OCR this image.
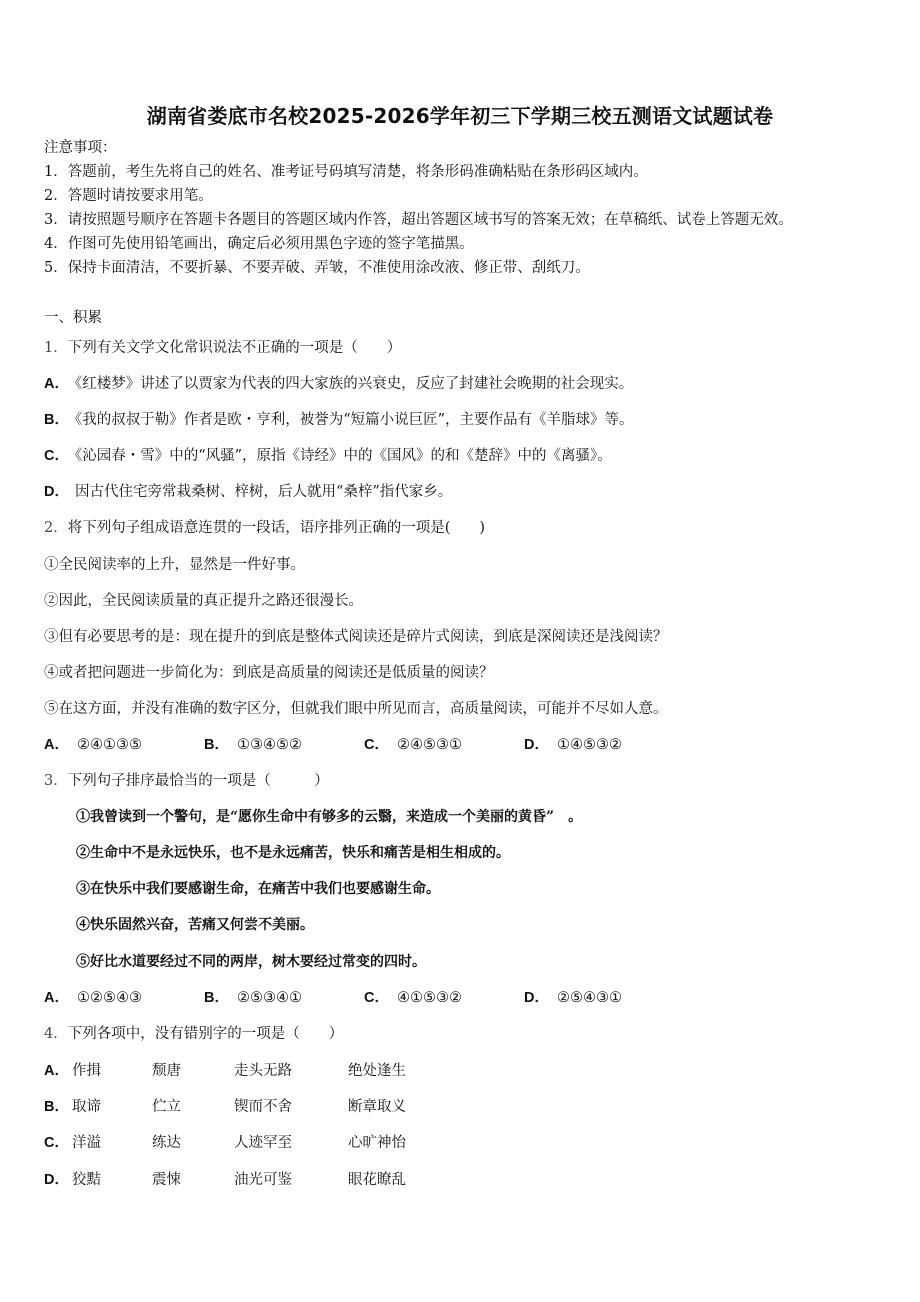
湖南省娄底市名校2025-2026学年初三下学期三校五测语文试题试卷
注意事项：
1．答题前，考生先将自己的姓名、准考证号码填写清楚，将条形码准确粘贴在条形码区域内。
2．答题时请按要求用笔。
3．请按照题号顺序在答题卡各题目的答题区域内作答，超出答题区域书写的答案无效；在草稿纸、试卷上答题无效。
4．作图可先使用铅笔画出，确定后必须用黑色字迹的签字笔描黑。
5．保持卡面清洁，不要折暴、不要弄破、弄皱，不准使用涂改液、修正带、刮纸刀。
一、积累
1．下列有关文学文化常识说法不正确的一项是（　　）
A． 《红楼梦》讲述了以贾家为代表的四大家族的兴衰史，反应了封建社会晚期的社会现实。
B． 《我的叔叔于勒》作者是欧・亨利，被誉为“短篇小说巨匠”，主要作品有《羊脂球》等。
C． 《沁园春・雪》中的“风骚”，原指《诗经》中的《国风》的和《楚辞》中的《离骚》。
D． 因古代住宅旁常栽桑树、梓树，后人就用“桑梓”指代家乡。
2．将下列句子组成语意连贯的一段话，语序排列正确的一项是(　　)
①全民阅读率的上升，显然是一件好事。
②因此，全民阅读质量的真正提升之路还很漫长。
③但有必要思考的是：现在提升的到底是整体式阅读还是碎片式阅读，到底是深阅读还是浅阅读？
④或者把问题进一步简化为：到底是高质量的阅读还是低质量的阅读？
⑤在这方面，并没有准确的数字区分，但就我们眼中所见而言，高质量阅读，可能并不尽如人意。
A． ②④①③⑤	B． ①③④⑤②	C． ②④⑤③①	D． ①④⑤③②
3．下列句子排序最恰当的一项是（　　　）
①我曾读到一个警句，是“愿你生命中有够多的云翳，来造成一个美丽的黄昏”　。
②生命中不是永远快乐，也不是永远痛苦，快乐和痛苦是相生相成的。
③在快乐中我们要感谢生命，在痛苦中我们也要感谢生命。
④快乐固然兴奋，苦痛又何尝不美丽。
⑤好比水道要经过不同的两岸，树木要经过常变的四时。
A． ①②⑤④③	B． ②⑤③④①	C． ④①⑤③②	D． ②⑤④③①
4．下列各项中，没有错别字的一项是（　　）
A． 作揖	颓唐	走头无路	绝处逢生
B． 取谛	伫立	锲而不舍	断章取义
C． 洋溢	练达	人迹罕至	心旷神怡
D． 狡黠	震悚	油光可鉴	眼花瞭乱
